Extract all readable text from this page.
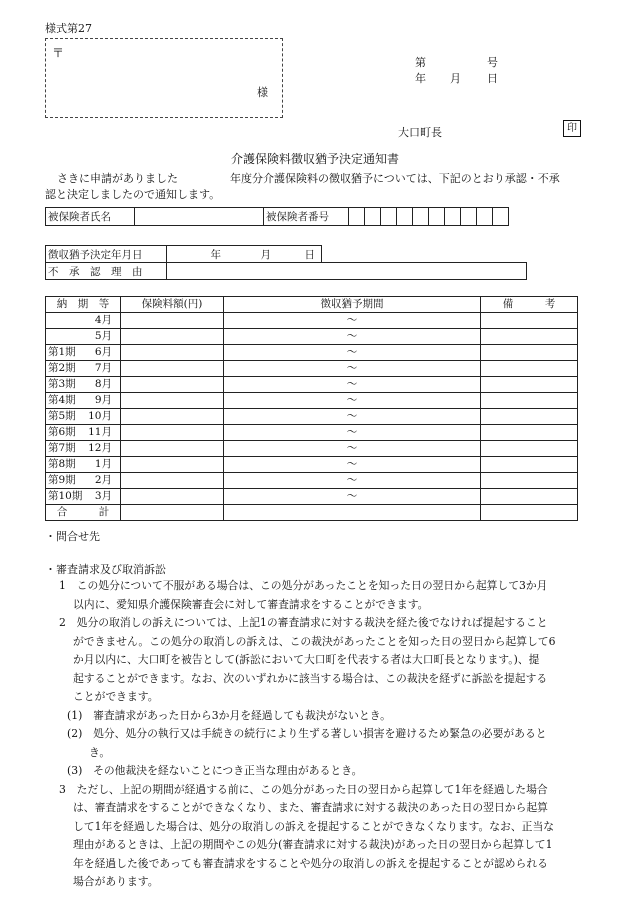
様式第27
〒
様
第	号
年 月 日
大口町長	印
介護保険料徴収猶予決定通知書
さきに申請がありました	年度分介護保険料の徴収猶予については、下記のとおり承認・不承
認と決定しましたので通知します。
被保険者氏名		被保険者番号										
徴収猶予決定年月日	年 月 日	
不　承　認　理　由		
納　期　等	保険料額(円)	徴収猶予期間	備　　　考
4月		～	
5月		～	
第1期 6月		～	
第2期 7月		～	
第3期 8月		～	
第4期 9月		～	
第5期 10月		～	
第6期 11月		～	
第7期 12月		～	
第8期 1月		～	
第9期 2月		～	
第10期 3月		～	
合　　　計			
・問合せ先
・審査請求及び取消訴訟
1　この処分について不服がある場合は、この処分があったことを知った日の翌日から起算して3か月
以内に、愛知県介護保険審査会に対して審査請求をすることができます。
2　処分の取消しの訴えについては、上記1の審査請求に対する裁決を経た後でなければ提起すること
ができません。この処分の取消しの訴えは、この裁決があったことを知った日の翌日から起算して6
か月以内に、大口町を被告として(訴訟において大口町を代表する者は大口町長となります。)、提
起することができます。なお、次のいずれかに該当する場合は、この裁決を経ずに訴訟を提起する
ことができます。
(1)　審査請求があった日から3か月を経過しても裁決がないとき。
(2)　処分、処分の執行又は手続きの続行により生ずる著しい損害を避けるため緊急の必要があると
き。
(3)　その他裁決を経ないことにつき正当な理由があるとき。
3　ただし、上記の期間が経過する前に、この処分があった日の翌日から起算して1年を経過した場合
は、審査請求をすることができなくなり、また、審査請求に対する裁決のあった日の翌日から起算
して1年を経過した場合は、処分の取消しの訴えを提起することができなくなります。なお、正当な
理由があるときは、上記の期間やこの処分(審査請求に対する裁決)があった日の翌日から起算して1
年を経過した後であっても審査請求をすることや処分の取消しの訴えを提起することが認められる
場合があります。
